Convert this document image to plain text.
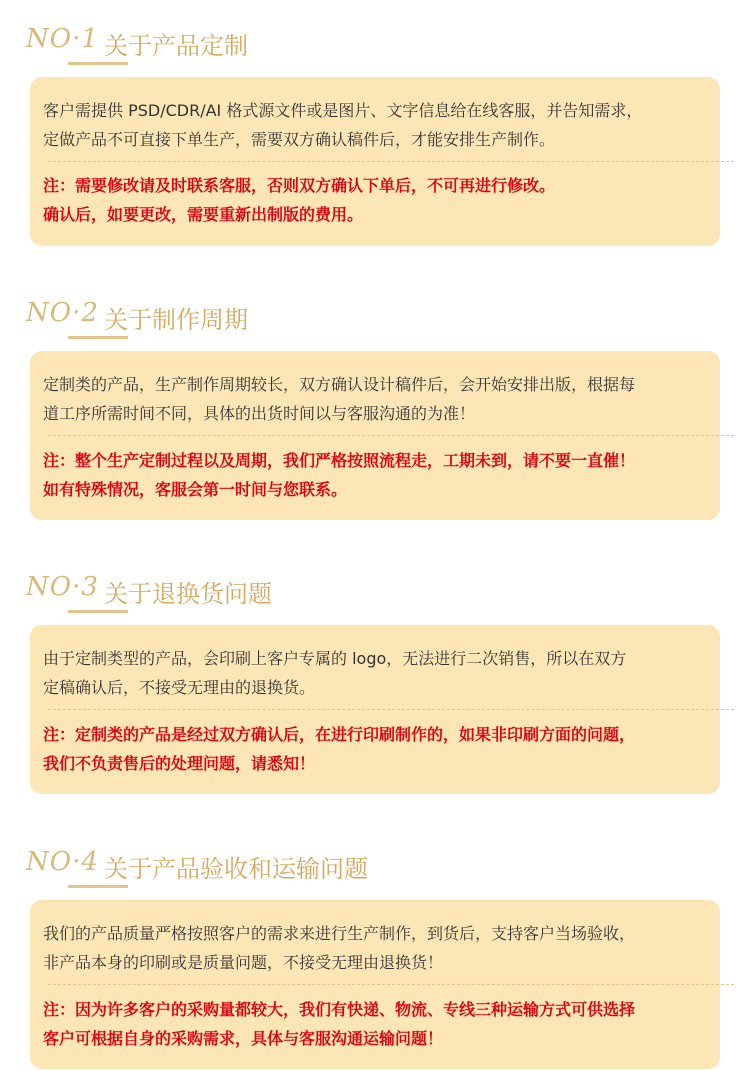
NO·1 关于产品定制
客户需提供 PSD/CDR/AI 格式源文件或是图片、文字信息给在线客服，并告知需求，
定做产品不可直接下单生产，需要双方确认稿件后，才能安排生产制作。
注：需要修改请及时联系客服，否则双方确认下单后，不可再进行修改。
确认后，如要更改，需要重新出制版的费用。
NO·2 关于制作周期
定制类的产品，生产制作周期较长，双方确认设计稿件后，会开始安排出版，根据每
道工序所需时间不同，具体的出货时间以与客服沟通的为准！
注：整个生产定制过程以及周期，我们严格按照流程走，工期未到，请不要一直催！
如有特殊情况，客服会第一时间与您联系。
NO·3 关于退换货问题
由于定制类型的产品，会印刷上客户专属的 logo，无法进行二次销售，所以在双方
定稿确认后，不接受无理由的退换货。
注：定制类的产品是经过双方确认后，在进行印刷制作的，如果非印刷方面的问题，
我们不负责售后的处理问题，请悉知！
NO·4 关于产品验收和运输问题
我们的产品质量严格按照客户的需求来进行生产制作，到货后，支持客户当场验收，
非产品本身的印刷或是质量问题，不接受无理由退换货！
注：因为许多客户的采购量都较大，我们有快递、物流、专线三种运输方式可供选择
客户可根据自身的采购需求，具体与客服沟通运输问题！
